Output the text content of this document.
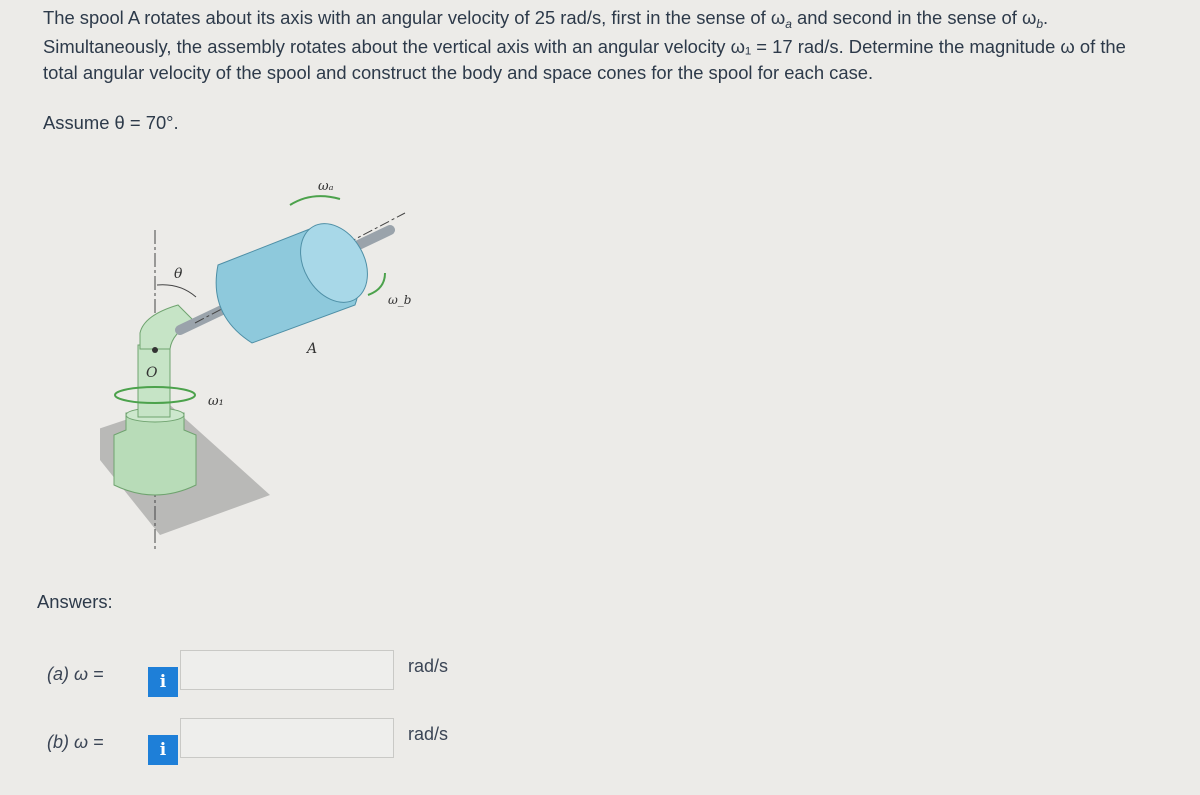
The spool A rotates about its axis with an angular velocity of 25 rad/s, first in the sense of $\omega_a$ and second in the sense of $\omega_b$.
Simultaneously, the assembly rotates about the vertical axis with an angular velocity ω₁ = 17 rad/s. Determine the magnitude ω of the
total angular velocity of the spool and construct the body and space cones for the spool for each case.
Assume θ = 70°.
θ
O
ω₁
A
ωₐ
ω_b
Answers:
(a) ω =	i
rad/s
(b) ω =	i
rad/s
